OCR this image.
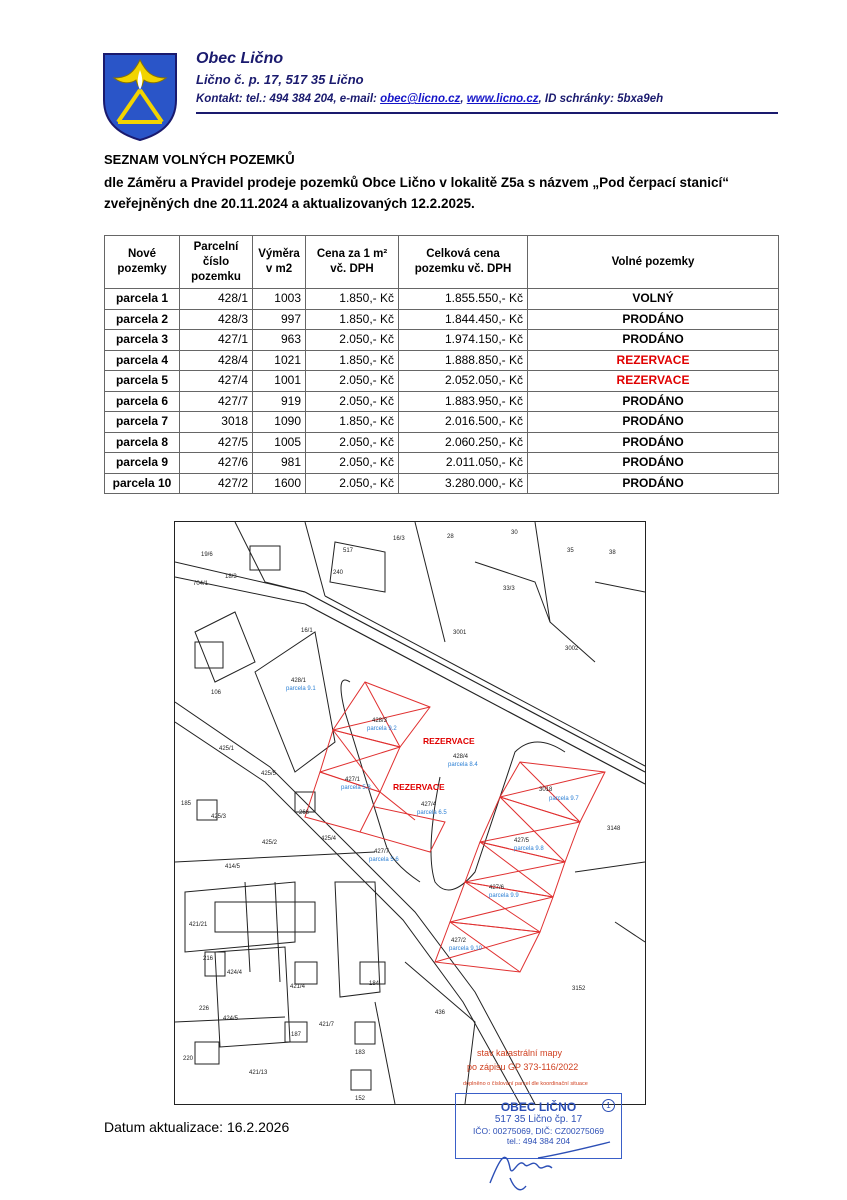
Obec Lično
Lično č. p. 17, 517 35 Lično
Kontakt: tel.: 494 384 204, e-mail: obec@licno.cz, www.licno.cz, ID schránky: 5bxa9eh
SEZNAM VOLNÝCH POZEMKŮ
dle Záměru a Pravidel prodeje pozemků Obce Lično v lokalitě Z5a s názvem „Pod čerpací stanicí“ zveřejněných dne 20.11.2024 a aktualizovaných 12.2.2025.
Nové pozemky	Parcelní číslo pozemku	Výměra v m2	Cena za 1 m² vč. DPH	Celková cena pozemku vč. DPH	Volné pozemky
parcela 1	428/1	1003	1.850,- Kč	1.855.550,- Kč	VOLNÝ
parcela 2	428/3	997	1.850,- Kč	1.844.450,- Kč	PRODÁNO
parcela 3	427/1	963	2.050,- Kč	1.974.150,- Kč	PRODÁNO
parcela 4	428/4	1021	1.850,- Kč	1.888.850,- Kč	REZERVACE
parcela 5	427/4	1001	2.050,- Kč	2.052.050,- Kč	REZERVACE
parcela 6	427/7	919	2.050,- Kč	1.883.950,- Kč	PRODÁNO
parcela 7	3018	1090	1.850,- Kč	2.016.500,- Kč	PRODÁNO
parcela 8	427/5	1005	2.050,- Kč	2.060.250,- Kč	PRODÁNO
parcela 9	427/6	981	2.050,- Kč	2.011.050,- Kč	PRODÁNO
parcela 10	427/2	1600	2.050,- Kč	3.280.000,- Kč	PRODÁNO
428/1
parcela 9.1
428/3
parcela 9.2
428/4
parcela 8.4
427/1
parcela 5.3
427/4
parcela 6.5
427/7
parcela 5.6
3018
parcela 9.7
427/5
parcela 9.8
427/6
parcela 9.9
427/2
parcela 9.10
3001
3002
16/1
3148
3152
425/1
425/3
425/2
425/5
425/4
266
185
106
240
517
436
184
183
152
187
216
226
220
424/4
424/5
421/4
421/13
421/21
421/7
19/6
18/3
704/1
16/3	28
30
35	38
33/3
414/5
REZERVACE
REZERVACE
stav katastrální mapy
po zápisu GP 373-116/2022
doplněno o číslování parcel dle koordinační situace
Datum aktualizace: 16.2.2026
OBEC LIČNO
517 35 Lično čp. 17
IČO: 00275069, DIČ: CZ00275069
tel.: 494 384 204
1
